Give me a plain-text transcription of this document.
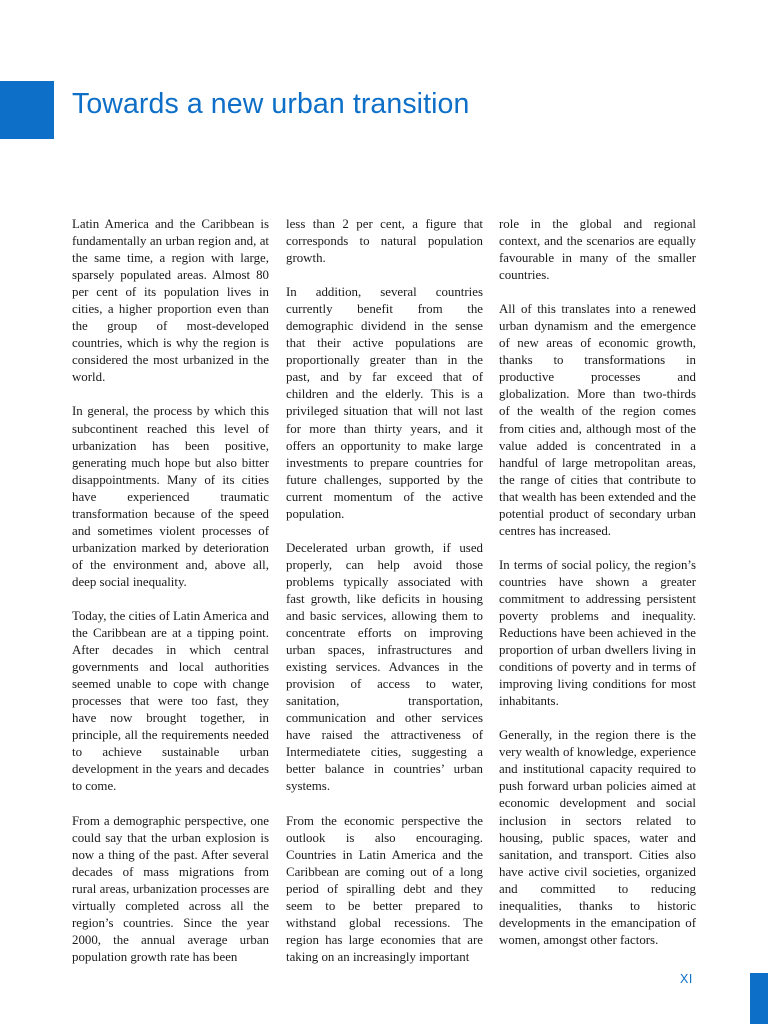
Towards a new urban transition

Latin America and the Caribbean is fundamentally an urban region and, at the same time, a region with large, sparsely populated areas. Almost 80 per cent of its population lives in cities, a higher proportion even than the group of most-developed countries, which is why the region is considered the most urbanized in the world.

In general, the process by which this subcontinent reached this level of urbanization has been positive, generating much hope but also bitter disappointments. Many of its cities have experienced traumatic transformation because of the speed and sometimes violent processes of urbanization marked by deterioration of the environment and, above all, deep social inequality.

Today, the cities of Latin America and the Caribbean are at a tipping point. After decades in which central governments and local authorities seemed unable to cope with change processes that were too fast, they have now brought together, in principle, all the requirements needed to achieve sustainable urban development in the years and decades to come.

From a demographic perspective, one could say that the urban explosion is now a thing of the past. After several decades of mass migrations from rural areas, urbanization processes are virtually completed across all the region’s countries. Since the year 2000, the annual average urban population growth rate has been

less than 2 per cent, a figure that corresponds to natural population growth.

In addition, several countries currently benefit from the demographic dividend in the sense that their active populations are proportionally greater than in the past, and by far exceed that of children and the elderly. This is a privileged situation that will not last for more than thirty years, and it offers an opportunity to make large investments to prepare countries for future challenges, supported by the current momentum of the active population.

Decelerated urban growth, if used properly, can help avoid those problems typically associated with fast growth, like deficits in housing and basic services, allowing them to concentrate efforts on improving urban spaces, infrastructures and existing services. Advances in the provision of access to water, sanitation, transportation, communication and other services have raised the attractiveness of Intermediatete cities, suggesting a better balance in countries’ urban systems.

From the economic perspective the outlook is also encouraging. Countries in Latin America and the Caribbean are coming out of a long period of spiralling debt and they seem to be better prepared to withstand global recessions. The region has large economies that are taking on an increasingly important

role in the global and regional context, and the scenarios are equally favourable in many of the smaller countries.

All of this translates into a renewed urban dynamism and the emergence of new areas of economic growth, thanks to transformations in productive processes and globalization. More than two-thirds of the wealth of the region comes from cities and, although most of the value added is concentrated in a handful of large metropolitan areas, the range of cities that contribute to that wealth has been extended and the potential product of secondary urban centres has increased.

In terms of social policy, the region’s countries have shown a greater commitment to addressing persistent poverty problems and inequality. Reductions have been achieved in the proportion of urban dwellers living in conditions of poverty and in terms of improving living conditions for most inhabitants.

Generally, in the region there is the very wealth of knowledge, experience and institutional capacity required to push forward urban policies aimed at economic development and social inclusion in sectors related to housing, public spaces, water and sanitation, and transport. Cities also have active civil societies, organized and committed to reducing inequalities, thanks to historic developments in the emancipation of women, amongst other factors.

XI
